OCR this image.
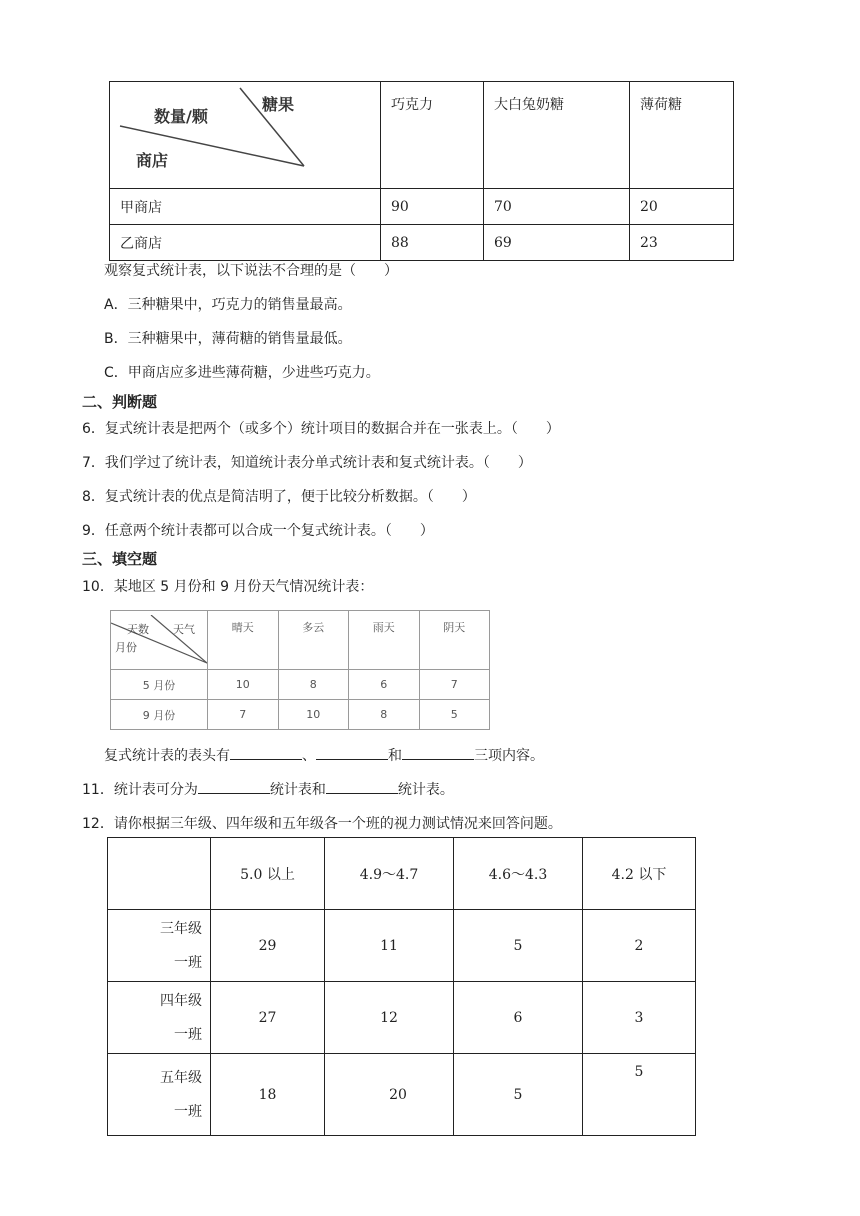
糖果
数量/颗
商店	巧克力	大白兔奶糖	薄荷糖
甲商店	90	70	20
乙商店	88	69	23
观察复式统计表，以下说法不合理的是（　　）
A．三种糖果中，巧克力的销售量最高。
B．三种糖果中，薄荷糖的销售量最低。
C．甲商店应多进些薄荷糖，少进些巧克力。
二、判断题
6．复式统计表是把两个（或多个）统计项目的数据合并在一张表上。（　　）
7．我们学过了统计表，知道统计表分单式统计表和复式统计表。（　　）
8．复式统计表的优点是简洁明了，便于比较分析数据。（　　）
9．任意两个统计表都可以合成一个复式统计表。（　　）
三、填空题
10．某地区 5 月份和 9 月份天气情况统计表：
天数 天气
月份	晴天	多云	雨天	阴天
5 月份	10	8	6	7
9 月份	7	10	8	5
复式统计表的表头有	、	和	三项内容。
11．统计表可分为	统计表和	统计表。
12．请你根据三年级、四年级和五年级各一个班的视力测试情况来回答问题。
	5.0 以上	4.9～4.7	4.6～4.3	4.2 以下

三年级
一班	29	11	5	2

四年级
一班	27	12	6	3

五年级
一班	18	20	5	5
